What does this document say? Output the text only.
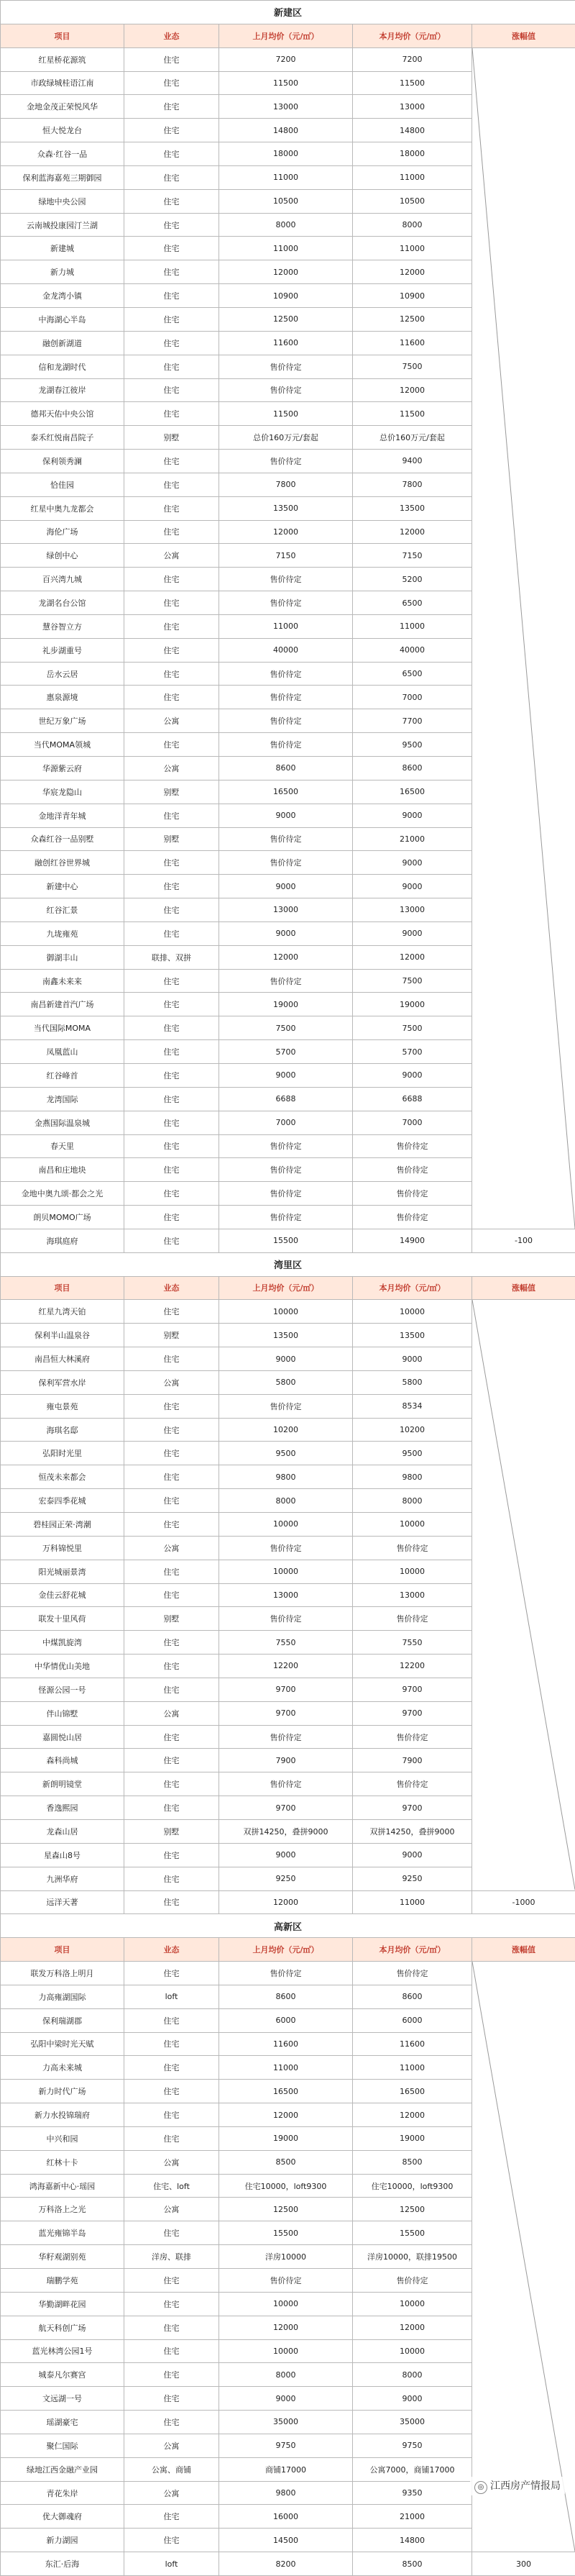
新建区				
项目	业态	上月均价（元/㎡）	本月均价（元/㎡）	涨幅值
红星桥花源筑	住宅	7200	7200	

市政绿城桂语江南	住宅	11500	11500	
金地金茂正荣悦风华	住宅	13000	13000	
恒大悦龙台	住宅	14800	14800	
众森·红谷一品	住宅	18000	18000	
保利蓝海嘉苑三期御园	住宅	11000	11000	
绿地中央公园	住宅	10500	10500	
云南城投康园汀兰湖	住宅	8000	8000	
新建城	住宅	11000	11000	
新力城	住宅	12000	12000	
金龙湾小镇	住宅	10900	10900	
中海湖心半岛	住宅	12500	12500	
融创新湖道	住宅	11600	11600	
信和龙湖时代	住宅	售价待定	7500	
龙湖春江彼岸	住宅	售价待定	12000	
德邦天佑中央公馆	住宅	11500	11500	
泰禾红悦南昌院子	别墅	总价160万元/套起	总价160万元/套起	
保利领秀澜	住宅	售价待定	9400	
恰佳园	住宅	7800	7800	
红星中奥九龙都会	住宅	13500	13500	
海伦广场	住宅	12000	12000	
绿创中心	公寓	7150	7150	
百兴湾九城	住宅	售价待定	5200	
龙湖名台公馆	住宅	售价待定	6500	
慧谷智立方	住宅	11000	11000	
礼步湖重号	住宅	40000	40000	
岳水云居	住宅	售价待定	6500	
惠泉源境	住宅	售价待定	7000	
世纪万象广场	公寓	售价待定	7700	
当代MOMA领城	住宅	售价待定	9500	
华源紫云府	公寓	8600	8600	
华宸龙隐山	别墅	16500	16500	
金地洋青年城	住宅	9000	9000	
众森红谷一品别墅	别墅	售价待定	21000	
融创红谷世界城	住宅	售价待定	9000	
新建中心	住宅	9000	9000	
红谷汇景	住宅	13000	13000	
九垅雍苑	住宅	9000	9000	
御湖丰山	联排、双拼	12000	12000	
南鑫未来来	住宅	售价待定	7500	
南昌新建首汽广场	住宅	19000	19000	
当代国际MOMA	住宅	7500	7500	
凤凰蓝山	住宅	5700	5700	
红谷峰首	住宅	9000	9000	
龙湾国际	住宅	6688	6688	
金燕国际温泉城	住宅	7000	7000	
春天里	住宅	售价待定	售价待定	
南昌和庄地块	住宅	售价待定	售价待定	
金地中奥九颂·都会之光	住宅	售价待定	售价待定	
朗贝MOMO广场	住宅	售价待定	售价待定	
海琪庭府	住宅	15500	14900	-100
湾里区				
项目	业态	上月均价（元/㎡）	本月均价（元/㎡）	涨幅值
红星九湾天铂	住宅	10000	10000	

保利半山温泉谷	别墅	13500	13500	
南昌恒大林溪府	住宅	9000	9000	
保利军营水岸	公寓	5800	5800	
雍屯景苑	住宅	售价待定	8534	
海琪名邸	住宅	10200	10200	
弘阳时光里	住宅	9500	9500	
恒茂未来都会	住宅	9800	9800	
宏泰四季花城	住宅	8000	8000	
碧桂园正荣·湾潮	住宅	10000	10000	
万科锦悦里	公寓	售价待定	售价待定	
阳光城丽景湾	住宅	10000	10000	
金佳云舒花城	住宅	13000	13000	
联发十里风荷	别墅	售价待定	售价待定	
中煤凯旋湾	住宅	7550	7550	
中华情优山美地	住宅	12200	12200	
怪源公园一号	住宅	9700	9700	
伴山锦墅	公寓	9700	9700	
嘉圆悦山居	住宅	售价待定	售价待定	
森科尚城	住宅	7900	7900	
新朗明镜堂	住宅	售价待定	售价待定	
香逸熙园	住宅	9700	9700	
龙森山居	别墅	双拼14250，叠拼9000	双拼14250，叠拼9000	
星森山8号	住宅	9000	9000	
九洲华府	住宅	9250	9250	
远洋天著	住宅	12000	11000	-1000
高新区				
项目	业态	上月均价（元/㎡）	本月均价（元/㎡）	涨幅值
联发万科洛上明月	住宅	售价待定	售价待定	

力高雍湖国际	loft	8600	8600	
保利瑞湖郡	住宅	6000	6000	
弘阳中梁时光天赋	住宅	11600	11600	
力高未来城	住宅	11000	11000	
新力时代广场	住宅	16500	16500	
新力水投锦瑞府	住宅	12000	12000	
中兴和园	住宅	19000	19000	
红林十卡	公寓	8500	8500	
鸿海嘉新中心·瑶园	住宅、loft	住宅10000，loft9300	住宅10000，loft9300	
万科洛上之光	公寓	12500	12500	
蓝光雍锦半岛	住宅	15500	15500	
华籽观湖别苑	洋房、联排	洋房10000	洋房10000，联排19500	
瑞鹏学苑	住宅	售价待定	售价待定	
华勤湖畔花园	住宅	10000	10000	
航天科创广场	住宅	12000	12000	
蓝光林湾公园1号	住宅	10000	10000	
城泰凡尔赛宫	住宅	8000	8000	
文远湖一号	住宅	9000	9000	
瑶湖豪宅	住宅	35000	35000	
聚仁国际	公寓	9750	9750	
绿地江西金融产业园	公寓、商铺	商铺17000	公寓7000，商铺17000	
青花朱岸	公寓	9800	9350	
优大御魂府	住宅	16000	21000	
新力湖园	住宅	14500	14800	
东汇·后海	loft	8200	8500	300
◎ 江西房产情报局
